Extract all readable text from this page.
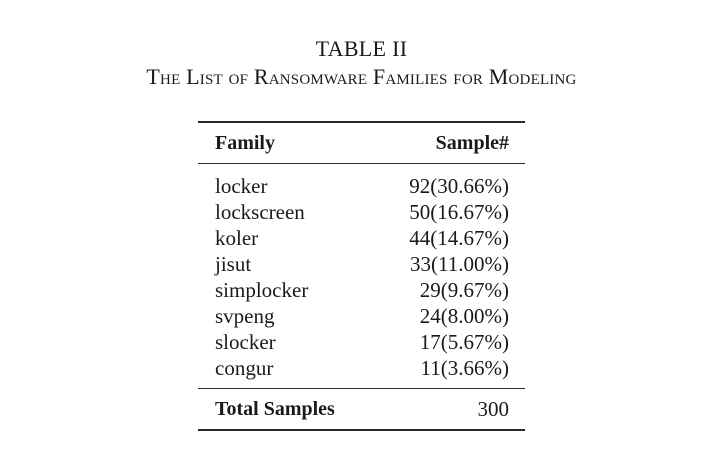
TABLE II
The List of Ransomware Families for Modeling
Family	Sample#
locker	92(30.66%)
lockscreen	50(16.67%)
koler	44(14.67%)
jisut	33(11.00%)
simplocker	29(9.67%)
svpeng	24(8.00%)
slocker	17(5.67%)
congur	11(3.66%)
Total Samples	300
